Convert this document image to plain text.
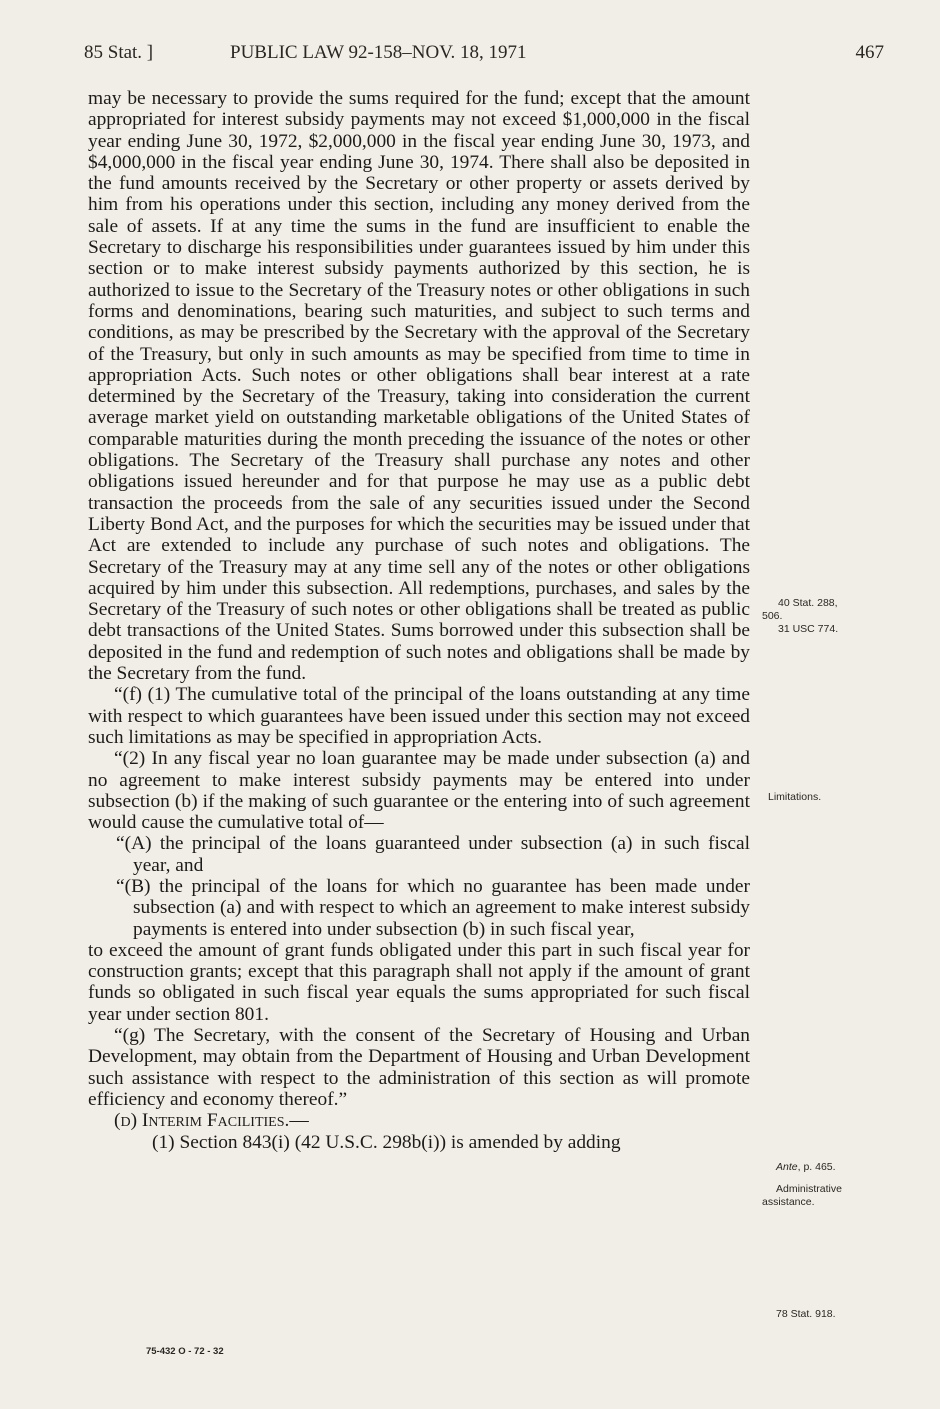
85 Stat. ]	PUBLIC LAW 92-158–NOV. 18, 1971	467

may be necessary to provide the sums required for the fund; except that the amount appropriated for interest subsidy payments may not exceed $1,000,000 in the fiscal year ending June 30, 1972, $2,000,000 in the fiscal year ending June 30, 1973, and $4,000,000 in the fiscal year ending June 30, 1974. There shall also be deposited in the fund amounts received by the Secretary or other property or assets derived by him from his operations under this section, including any money derived from the sale of assets. If at any time the sums in the fund are insufficient to enable the Secretary to discharge his responsibilities under guarantees issued by him under this section or to make interest subsidy payments authorized by this section, he is authorized to issue to the Secretary of the Treasury notes or other obligations in such forms and denominations, bearing such maturities, and subject to such terms and conditions, as may be prescribed by the Secretary with the approval of the Secretary of the Treasury, but only in such amounts as may be specified from time to time in appropriation Acts. Such notes or other obligations shall bear interest at a rate determined by the Secretary of the Treasury, taking into consideration the current average market yield on outstanding marketable obligations of the United States of comparable maturities during the month preceding the issuance of the notes or other obligations. The Secretary of the Treasury shall purchase any notes and other obligations issued hereunder and for that purpose he may use as a public debt transaction the proceeds from the sale of any securities issued under the Second Liberty Bond Act, and the purposes for which the securities may be issued under that Act are extended to include any purchase of such notes and obligations. The Secretary of the Treasury may at any time sell any of the notes or other obligations acquired by him under this subsection. All redemptions, purchases, and sales by the Secretary of the Treasury of such notes or other obligations shall be treated as public debt transactions of the United States. Sums borrowed under this subsection shall be deposited in the fund and redemption of such notes and obligations shall be made by the Secretary from the fund.

“(f) (1) The cumulative total of the principal of the loans outstanding at any time with respect to which guarantees have been issued under this section may not exceed such limitations as may be specified in appropriation Acts.

“(2) In any fiscal year no loan guarantee may be made under subsection (a) and no agreement to make interest subsidy payments may be entered into under subsection (b) if the making of such guarantee or the entering into of such agreement would cause the cumulative total of—

“(A) the principal of the loans guaranteed under subsection (a) in such fiscal year, and

“(B) the principal of the loans for which no guarantee has been made under subsection (a) and with respect to which an agreement to make interest subsidy payments is entered into under subsection (b) in such fiscal year,

to exceed the amount of grant funds obligated under this part in such fiscal year for construction grants; except that this paragraph shall not apply if the amount of grant funds so obligated in such fiscal year equals the sums appropriated for such fiscal year under section 801.

“(g) The Secretary, with the consent of the Secretary of Housing and Urban Development, may obtain from the Department of Housing and Urban Development such assistance with respect to the administration of this section as will promote efficiency and economy thereof.”

(d) Interim Facilities.—

(1) Section 843(i) (42 U.S.C. 298b(i)) is amended by adding

40 Stat. 288,
506.
31 USC 774.
Limitations.
Ante, p. 465.
Administrative
assistance.
78 Stat. 918.
75-432 O - 72 - 32
